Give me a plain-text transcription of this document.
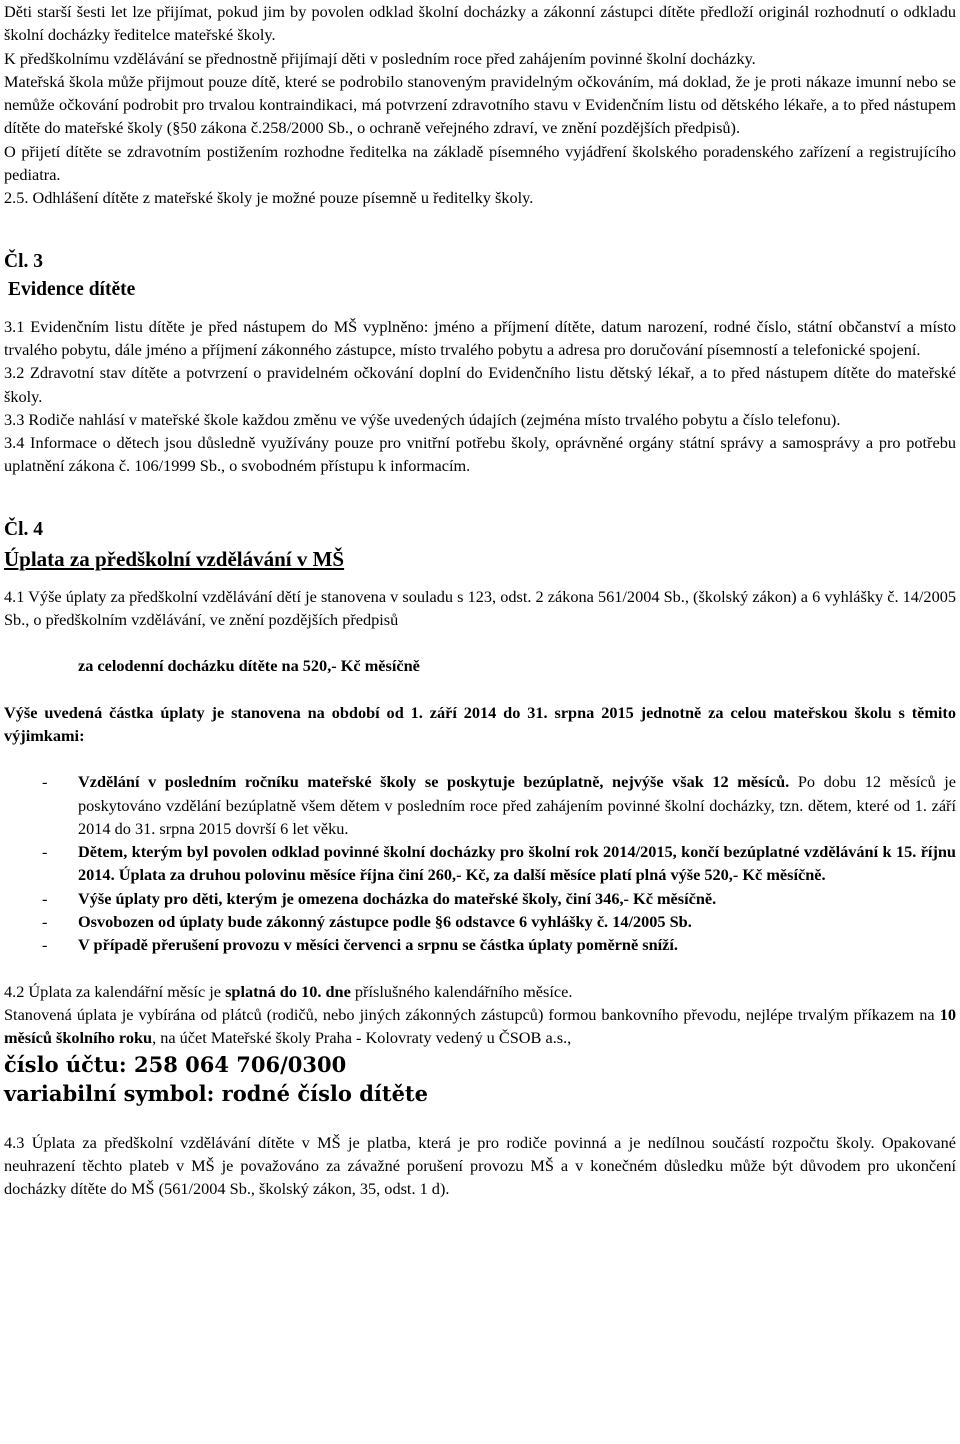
Děti starší šesti let lze přijímat, pokud jim by povolen odklad školní docházky a zákonní zástupci dítěte předloží originál rozhodnutí o odkladu školní docházky ředitelce mateřské školy.

K předškolnímu vzdělávání se přednostně přijímají děti v posledním roce před zahájením povinné školní docházky.

Mateřská škola může přijmout pouze dítě, které se podrobilo stanoveným pravidelným očkováním, má doklad, že je proti nákaze imunní nebo se nemůže očkování podrobit pro trvalou kontraindikaci, má potvrzení zdravotního stavu v Evidenčním listu od dětského lékaře, a to před nástupem dítěte do mateřské školy (§50 zákona č.258/2000 Sb., o ochraně veřejného zdraví, ve znění pozdějších předpisů).

O přijetí dítěte se zdravotním postižením rozhodne ředitelka na základě písemného vyjádření školského poradenského zařízení a registrujícího pediatra.

2.5. Odhlášení dítěte z mateřské školy je možné pouze písemně u ředitelky školy.

Čl. 3
Evidence dítěte

3.1 Evidenčním listu dítěte je před nástupem do MŠ vyplněno: jméno a příjmení dítěte, datum narození, rodné číslo, státní občanství a místo trvalého pobytu, dále jméno a příjmení zákonného zástupce, místo trvalého pobytu a adresa pro doručování písemností a telefonické spojení.

3.2 Zdravotní stav dítěte a potvrzení o pravidelném očkování doplní do Evidenčního listu dětský lékař, a to před nástupem dítěte do mateřské školy.

3.3 Rodiče nahlásí v mateřské škole každou změnu ve výše uvedených údajích (zejména místo trvalého pobytu a číslo telefonu).

3.4 Informace o dětech jsou důsledně využívány pouze pro vnitřní potřebu školy, oprávněné orgány státní správy a samosprávy a pro potřebu uplatnění zákona č. 106/1999 Sb., o svobodném přístupu k informacím.

Čl. 4
Úplata za předškolní vzdělávání v MŠ

4.1 Výše úplaty za předškolní vzdělávání dětí je stanovena v souladu s 123, odst. 2 zákona 561/2004 Sb., (školský zákon) a 6 vyhlášky č. 14/2005 Sb., o předškolním vzdělávání, ve znění pozdějších předpisů

za celodenní docházku dítěte na 520,- Kč měsíčně

Výše uvedená částka úplaty je stanovena na období od 1. září 2014 do 31. srpna 2015 jednotně za celou mateřskou školu s těmito výjimkami:

- Vzdělání v posledním ročníku mateřské školy se poskytuje bezúplatně, nejvýše však 12 měsíců. Po dobu 12 měsíců je poskytováno vzdělání bezúplatně všem dětem v posledním roce před zahájením povinné školní docházky, tzn. dětem, které od 1. září 2014 do 31. srpna 2015 dovrší 6 let věku.
- Dětem, kterým byl povolen odklad povinné školní docházky pro školní rok 2014/2015, končí bezúplatné vzdělávání k 15. říjnu 2014. Úplata za druhou polovinu měsíce října činí 260,- Kč, za další měsíce platí plná výše 520,- Kč měsíčně.
- Výše úplaty pro děti, kterým je omezena docházka do mateřské školy, činí 346,- Kč měsíčně.
- Osvobozen od úplaty bude zákonný zástupce podle §6 odstavce 6 vyhlášky č. 14/2005 Sb.
- V případě přerušení provozu v měsíci červenci a srpnu se částka úplaty poměrně sníží.

4.2 Úplata za kalendářní měsíc je splatná do 10. dne příslušného kalendářního měsíce.

Stanovená úplata je vybírána od plátců (rodičů, nebo jiných zákonných zástupců) formou bankovního převodu, nejlépe trvalým příkazem na 10 měsíců školního roku, na účet Mateřské školy Praha - Kolovraty vedený u ČSOB a.s.,

číslo účtu: 258 064 706/0300
variabilní symbol: rodné číslo dítěte

4.3 Úplata za předškolní vzdělávání dítěte v MŠ je platba, která je pro rodiče povinná a je nedílnou součástí rozpočtu školy. Opakované neuhrazení těchto plateb v MŠ je považováno za závažné porušení provozu MŠ a v konečném důsledku může být důvodem pro ukončení docházky dítěte do MŠ (561/2004 Sb., školský zákon, 35, odst. 1 d).
